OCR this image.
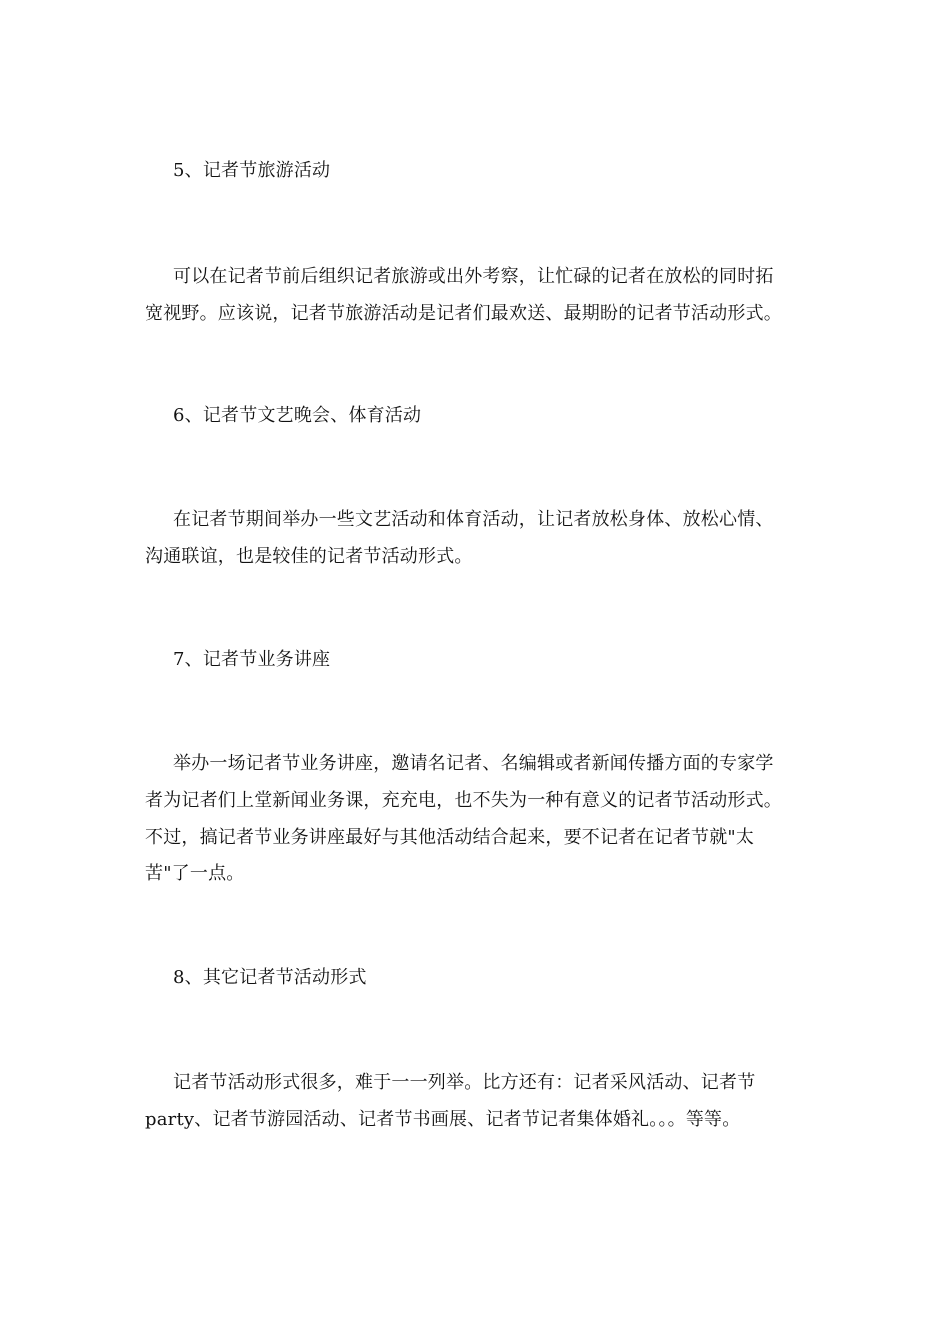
5、记者节旅游活动
可以在记者节前后组织记者旅游或出外考察，让忙碌的记者在放松的同时拓
宽视野。应该说，记者节旅游活动是记者们最欢送、最期盼的记者节活动形式。
6、记者节文艺晚会、体育活动
在记者节期间举办一些文艺活动和体育活动，让记者放松身体、放松心情、
沟通联谊，也是较佳的记者节活动形式。
7、记者节业务讲座
举办一场记者节业务讲座，邀请名记者、名编辑或者新闻传播方面的专家学
者为记者们上堂新闻业务课，充充电，也不失为一种有意义的记者节活动形式。
不过，搞记者节业务讲座最好与其他活动结合起来，要不记者在记者节就"太
苦"了一点。
8、其它记者节活动形式
记者节活动形式很多，难于一一列举。比方还有：记者采风活动、记者节
party、记者节游园活动、记者节书画展、记者节记者集体婚礼。。。等等。
